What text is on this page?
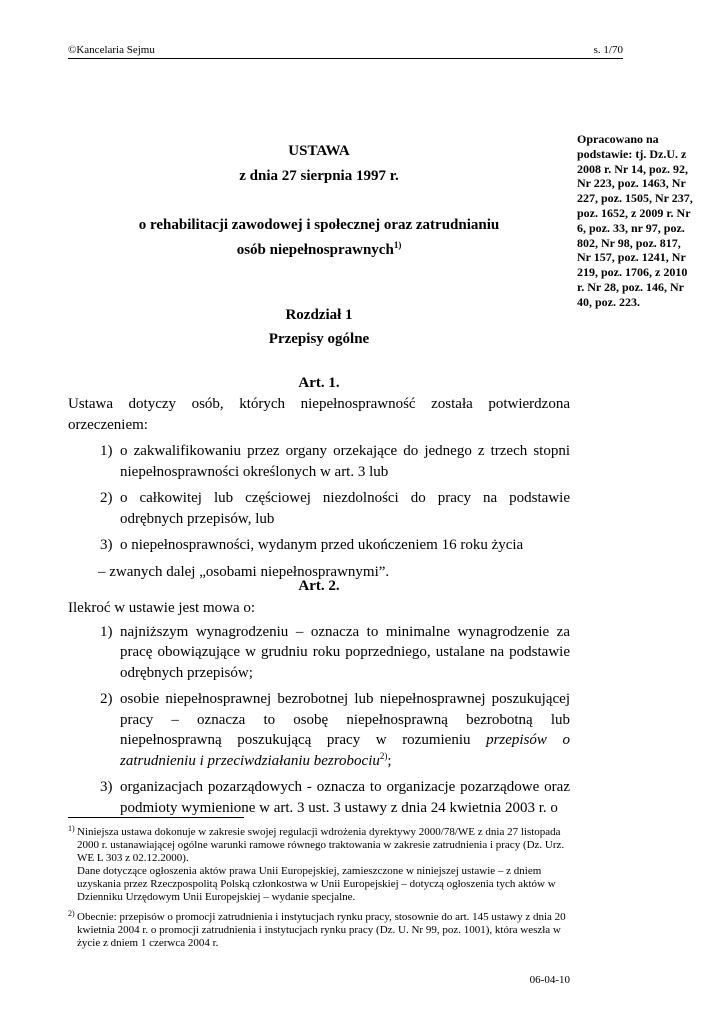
©Kancelaria Sejmu	s. 1/70
USTAWA
z dnia 27 sierpnia 1997 r.
o rehabilitacji zawodowej i społecznej oraz zatrudnianiu
osób niepełnosprawnych$^{1)}$
Opracowano na podstawie: tj. Dz.U. z 2008 r. Nr 14, poz. 92, Nr 223, poz. 1463, Nr 227, poz. 1505, Nr 237, poz. 1652, z 2009 r. Nr 6, poz. 33, nr 97, poz. 802, Nr 98, poz. 817, Nr 157, poz. 1241, Nr 219, poz. 1706, z 2010 r. Nr 28, poz. 146, Nr 40, poz. 223.
Rozdział 1
Przepisy ogólne
Art. 1.
Ustawa dotyczy osób, których niepełnosprawność została potwierdzona orzeczeniem:
1) o zakwalifikowaniu przez organy orzekające do jednego z trzech stopni niepełnosprawności określonych w art. 3 lub
2) o całkowitej lub częściowej niezdolności do pracy na podstawie odrębnych przepisów, lub
3) o niepełnosprawności, wydanym przed ukończeniem 16 roku życia
– zwanych dalej „osobami niepełnosprawnymi”.
Art. 2.
Ilekroć w ustawie jest mowa o:
1) najniższym wynagrodzeniu – oznacza to minimalne wynagrodzenie za pracę obowiązujące w grudniu roku poprzedniego, ustalane na podstawie odrębnych przepisów;
2) osobie niepełnosprawnej bezrobotnej lub niepełnosprawnej poszukującej pracy – oznacza to osobę niepełnosprawną bezrobotną lub niepełnosprawną poszukującą pracy w rozumieniu przepisów o zatrudnieniu i przeciwdziałaniu bezrobociu$^{2)}$;
3) organizacjach pozarządowych - oznacza to organizacje pozarządowe oraz podmioty wymienione w art. 3 ust. 3 ustawy z dnia 24 kwietnia 2003 r. o
1) Niniejsza ustawa dokonuje w zakresie swojej regulacji wdrożenia dyrektywy 2000/78/WE z dnia 27 listopada 2000 r. ustanawiającej ogólne warunki ramowe równego traktowania w zakresie zatrudnienia i pracy (Dz. Urz. WE L 303 z 02.12.2000).
Dane dotyczące ogłoszenia aktów prawa Unii Europejskiej, zamieszczone w niniejszej ustawie – z dniem uzyskania przez Rzeczpospolitą Polską członkostwa w Unii Europejskiej – dotyczą ogłoszenia tych aktów w Dzienniku Urzędowym Unii Europejskiej – wydanie specjalne.
2) Obecnie: przepisów o promocji zatrudnienia i instytucjach rynku pracy, stosownie do art. 145 ustawy z dnia 20 kwietnia 2004 r. o promocji zatrudnienia i instytucjach rynku pracy (Dz. U. Nr 99, poz. 1001), która weszła w życie z dniem 1 czerwca 2004 r.
06-04-10
